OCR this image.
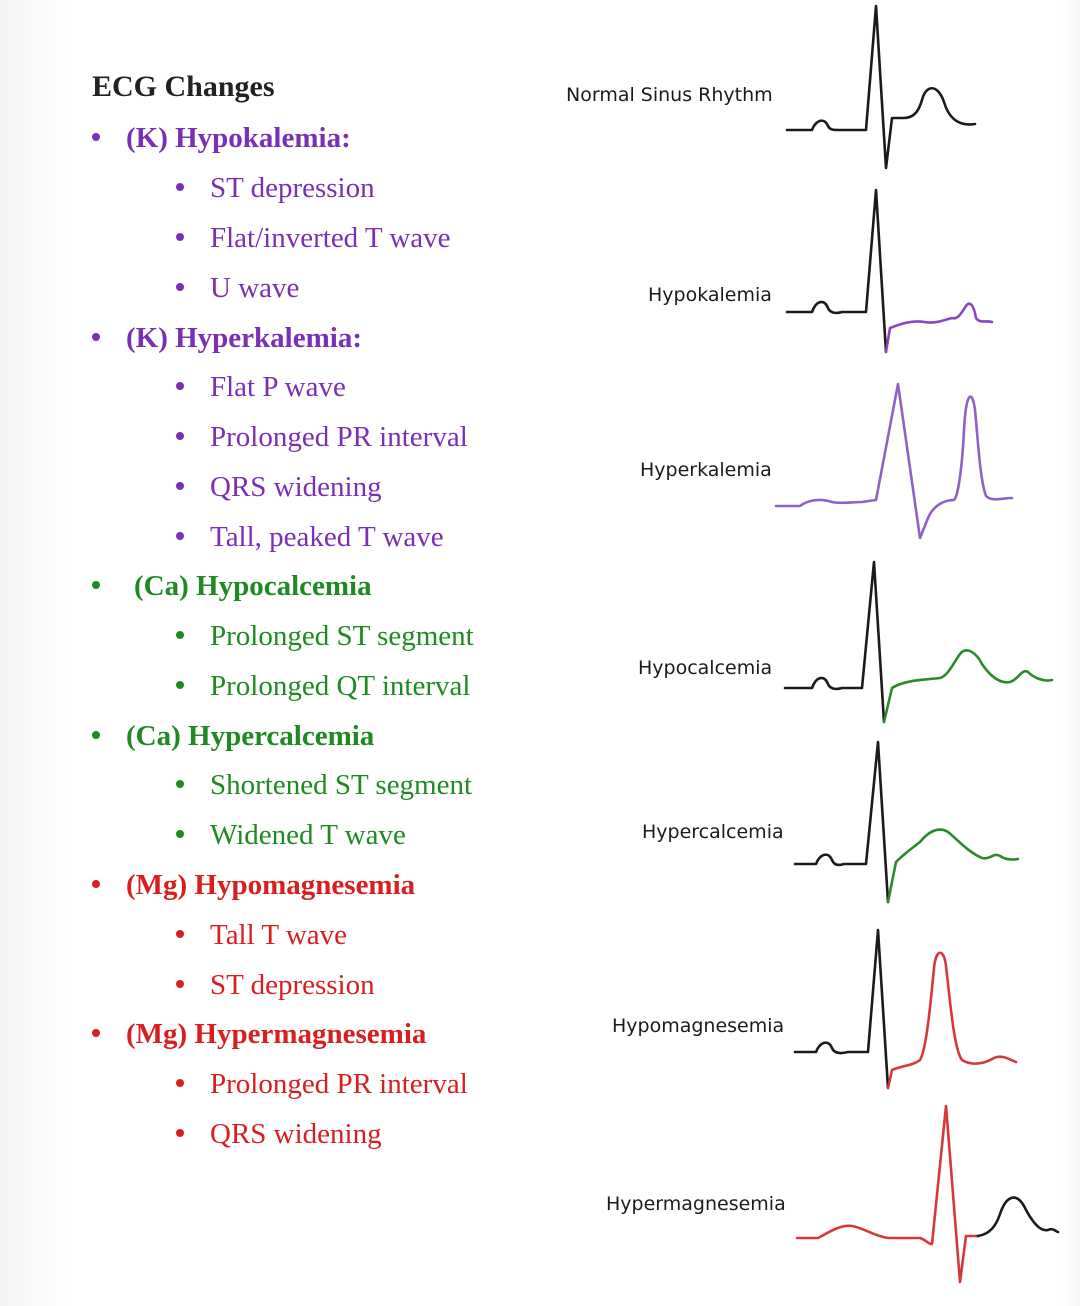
ECG Changes
(K) Hypokalemia:
ST depression
Flat/inverted T wave
U wave
(K) Hyperkalemia:
Flat P wave
Prolonged PR interval
QRS widening
Tall, peaked T wave
(Ca) Hypocalcemia
Prolonged ST segment
Prolonged QT interval
(Ca) Hypercalcemia
Shortened ST segment
Widened T wave
(Mg) Hypomagnesemia
Tall T wave
ST depression
(Mg) Hypermagnesemia
Prolonged PR interval
QRS widening
Normal Sinus Rhythm
Hypokalemia
Hyperkalemia
Hypocalcemia
Hypercalcemia
Hypomagnesemia
Hypermagnesemia
